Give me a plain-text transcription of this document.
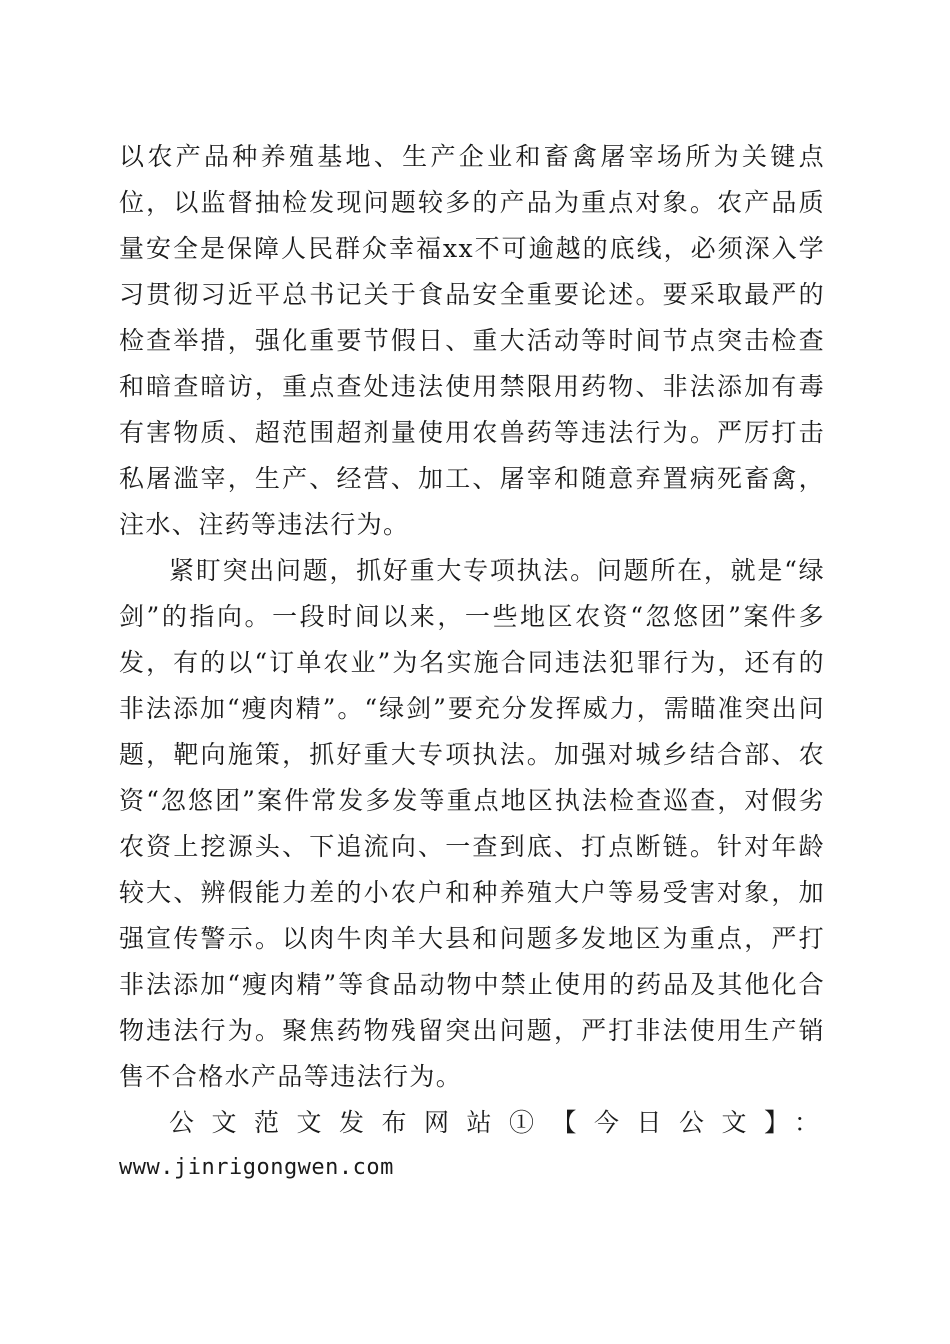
以农产品种养殖基地、生产企业和畜禽屠宰场所为关键点位，以监督抽检发现问题较多的产品为重点对象。农产品质量安全是保障人民群众幸福xx不可逾越的底线，必须深入学习贯彻习近平总书记关于食品安全重要论述。要采取最严的检查举措，强化重要节假日、重大活动等时间节点突击检查和暗查暗访，重点查处违法使用禁限用药物、非法添加有毒有害物质、超范围超剂量使用农兽药等违法行为。严厉打击私屠滥宰，生产、经营、加工、屠宰和随意弃置病死畜禽，注水、注药等违法行为。

紧盯突出问题，抓好重大专项执法。问题所在，就是“绿剑”的指向。一段时间以来，一些地区农资“忽悠团”案件多发，有的以“订单农业”为名实施合同违法犯罪行为，还有的非法添加“瘦肉精”。“绿剑”要充分发挥威力，需瞄准突出问题，靶向施策，抓好重大专项执法。加强对城乡结合部、农资“忽悠团”案件常发多发等重点地区执法检查巡查，对假劣农资上挖源头、下追流向、一查到底、打点断链。针对年龄较大、辨假能力差的小农户和种养殖大户等易受害对象，加强宣传警示。以肉牛肉羊大县和问题多发地区为重点，严打非法添加“瘦肉精”等食品动物中禁止使用的药品及其他化合物违法行为。聚焦药物残留突出问题，严打非法使用生产销售不合格水产品等违法行为。

公文范文发布网站①【今日公文】：

www.jinrigongwen.com
